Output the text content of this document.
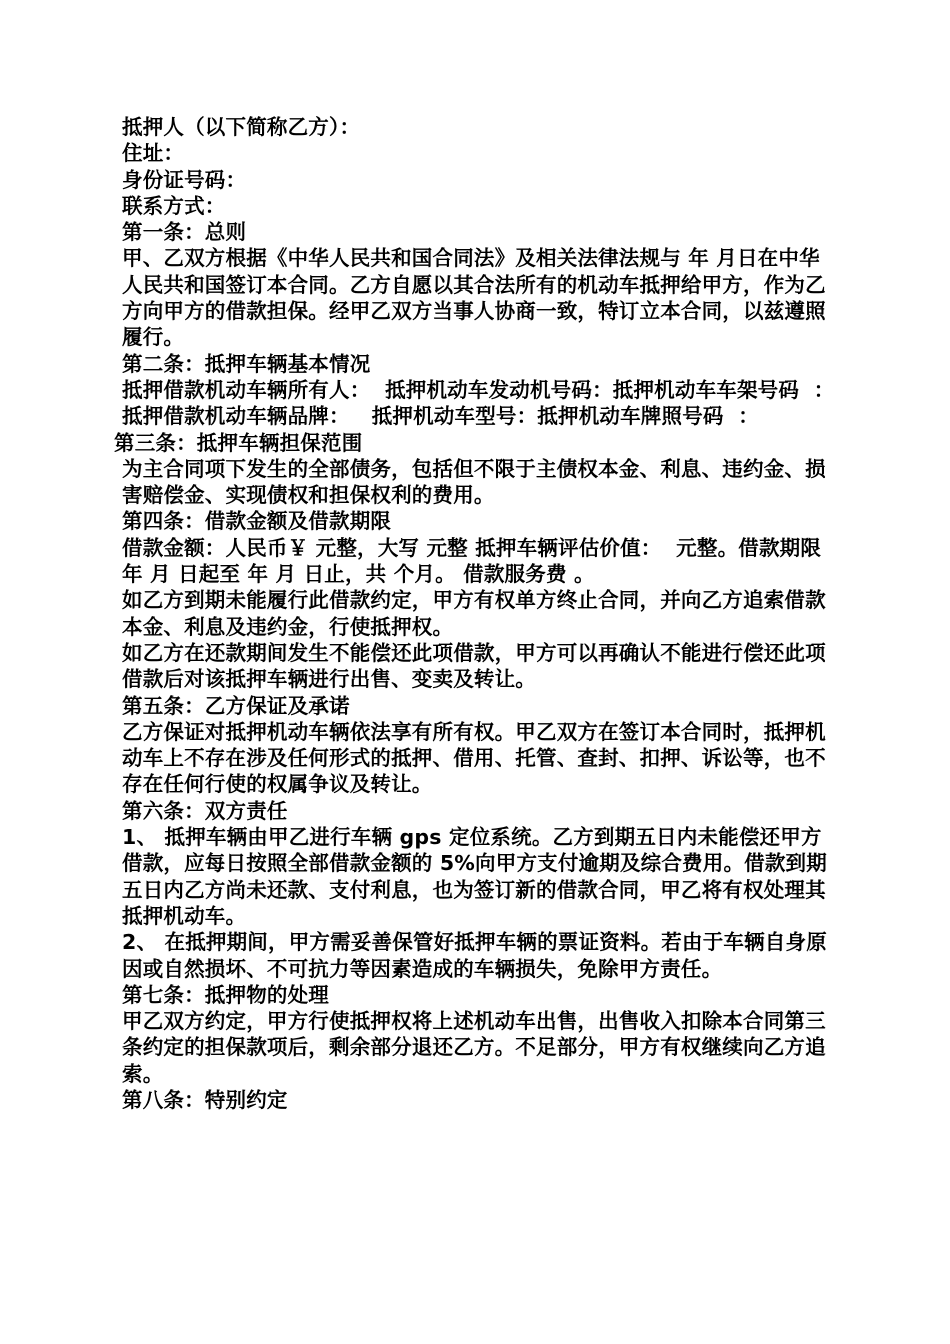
抵押人（以下简称乙方）：

住址：

身份证号码：

联系方式：

第一条：总则

甲、乙双方根据《中华人民共和国合同法》及相关法律法规与 年 月日在中华人民共和国签订本合同。乙方自愿以其合法所有的机动车抵押给甲方，作为乙方向甲方的借款担保。经甲乙双方当事人协商一致，特订立本合同，以兹遵照履行。

第二条：抵押车辆基本情况

抵押借款机动车辆所有人：  抵押机动车发动机号码：抵押机动车车架号码  ：抵押借款机动车辆品牌：   抵押机动车型号：抵押机动车牌照号码  ：

第三条：抵押车辆担保范围

为主合同项下发生的全部债务，包括但不限于主债权本金、利息、违约金、损害赔偿金、实现债权和担保权利的费用。

第四条：借款金额及借款期限

借款金额：人民币￥ 元整，大写 元整 抵押车辆评估价值：  元整。借款期限  年 月 日起至 年 月 日止，共 个月。 借款服务费 。

如乙方到期未能履行此借款约定，甲方有权单方终止合同，并向乙方追索借款本金、利息及违约金，行使抵押权。

如乙方在还款期间发生不能偿还此项借款，甲方可以再确认不能进行偿还此项借款后对该抵押车辆进行出售、变卖及转让。

第五条：乙方保证及承诺

乙方保证对抵押机动车辆依法享有所有权。甲乙双方在签订本合同时，抵押机动车上不存在涉及任何形式的抵押、借用、托管、查封、扣押、诉讼等，也不存在任何行使的权属争议及转让。

第六条：双方责任

1、 抵押车辆由甲乙进行车辆 gps 定位系统。乙方到期五日内未能偿还甲方  借款，应每日按照全部借款金额的 5%向甲方支付逾期及综合费用。借款到期五日内乙方尚未还款、支付利息，也为签订新的借款合同，甲乙将有权处理其抵押机动车。

2、 在抵押期间，甲方需妥善保管好抵押车辆的票证资料。若由于车辆自身原因或自然损坏、不可抗力等因素造成的车辆损失，免除甲方责任。

第七条：抵押物的处理

甲乙双方约定，甲方行使抵押权将上述机动车出售，出售收入扣除本合同第三条约定的担保款项后，剩余部分退还乙方。不足部分，甲方有权继续向乙方追索。

第八条：特别约定
